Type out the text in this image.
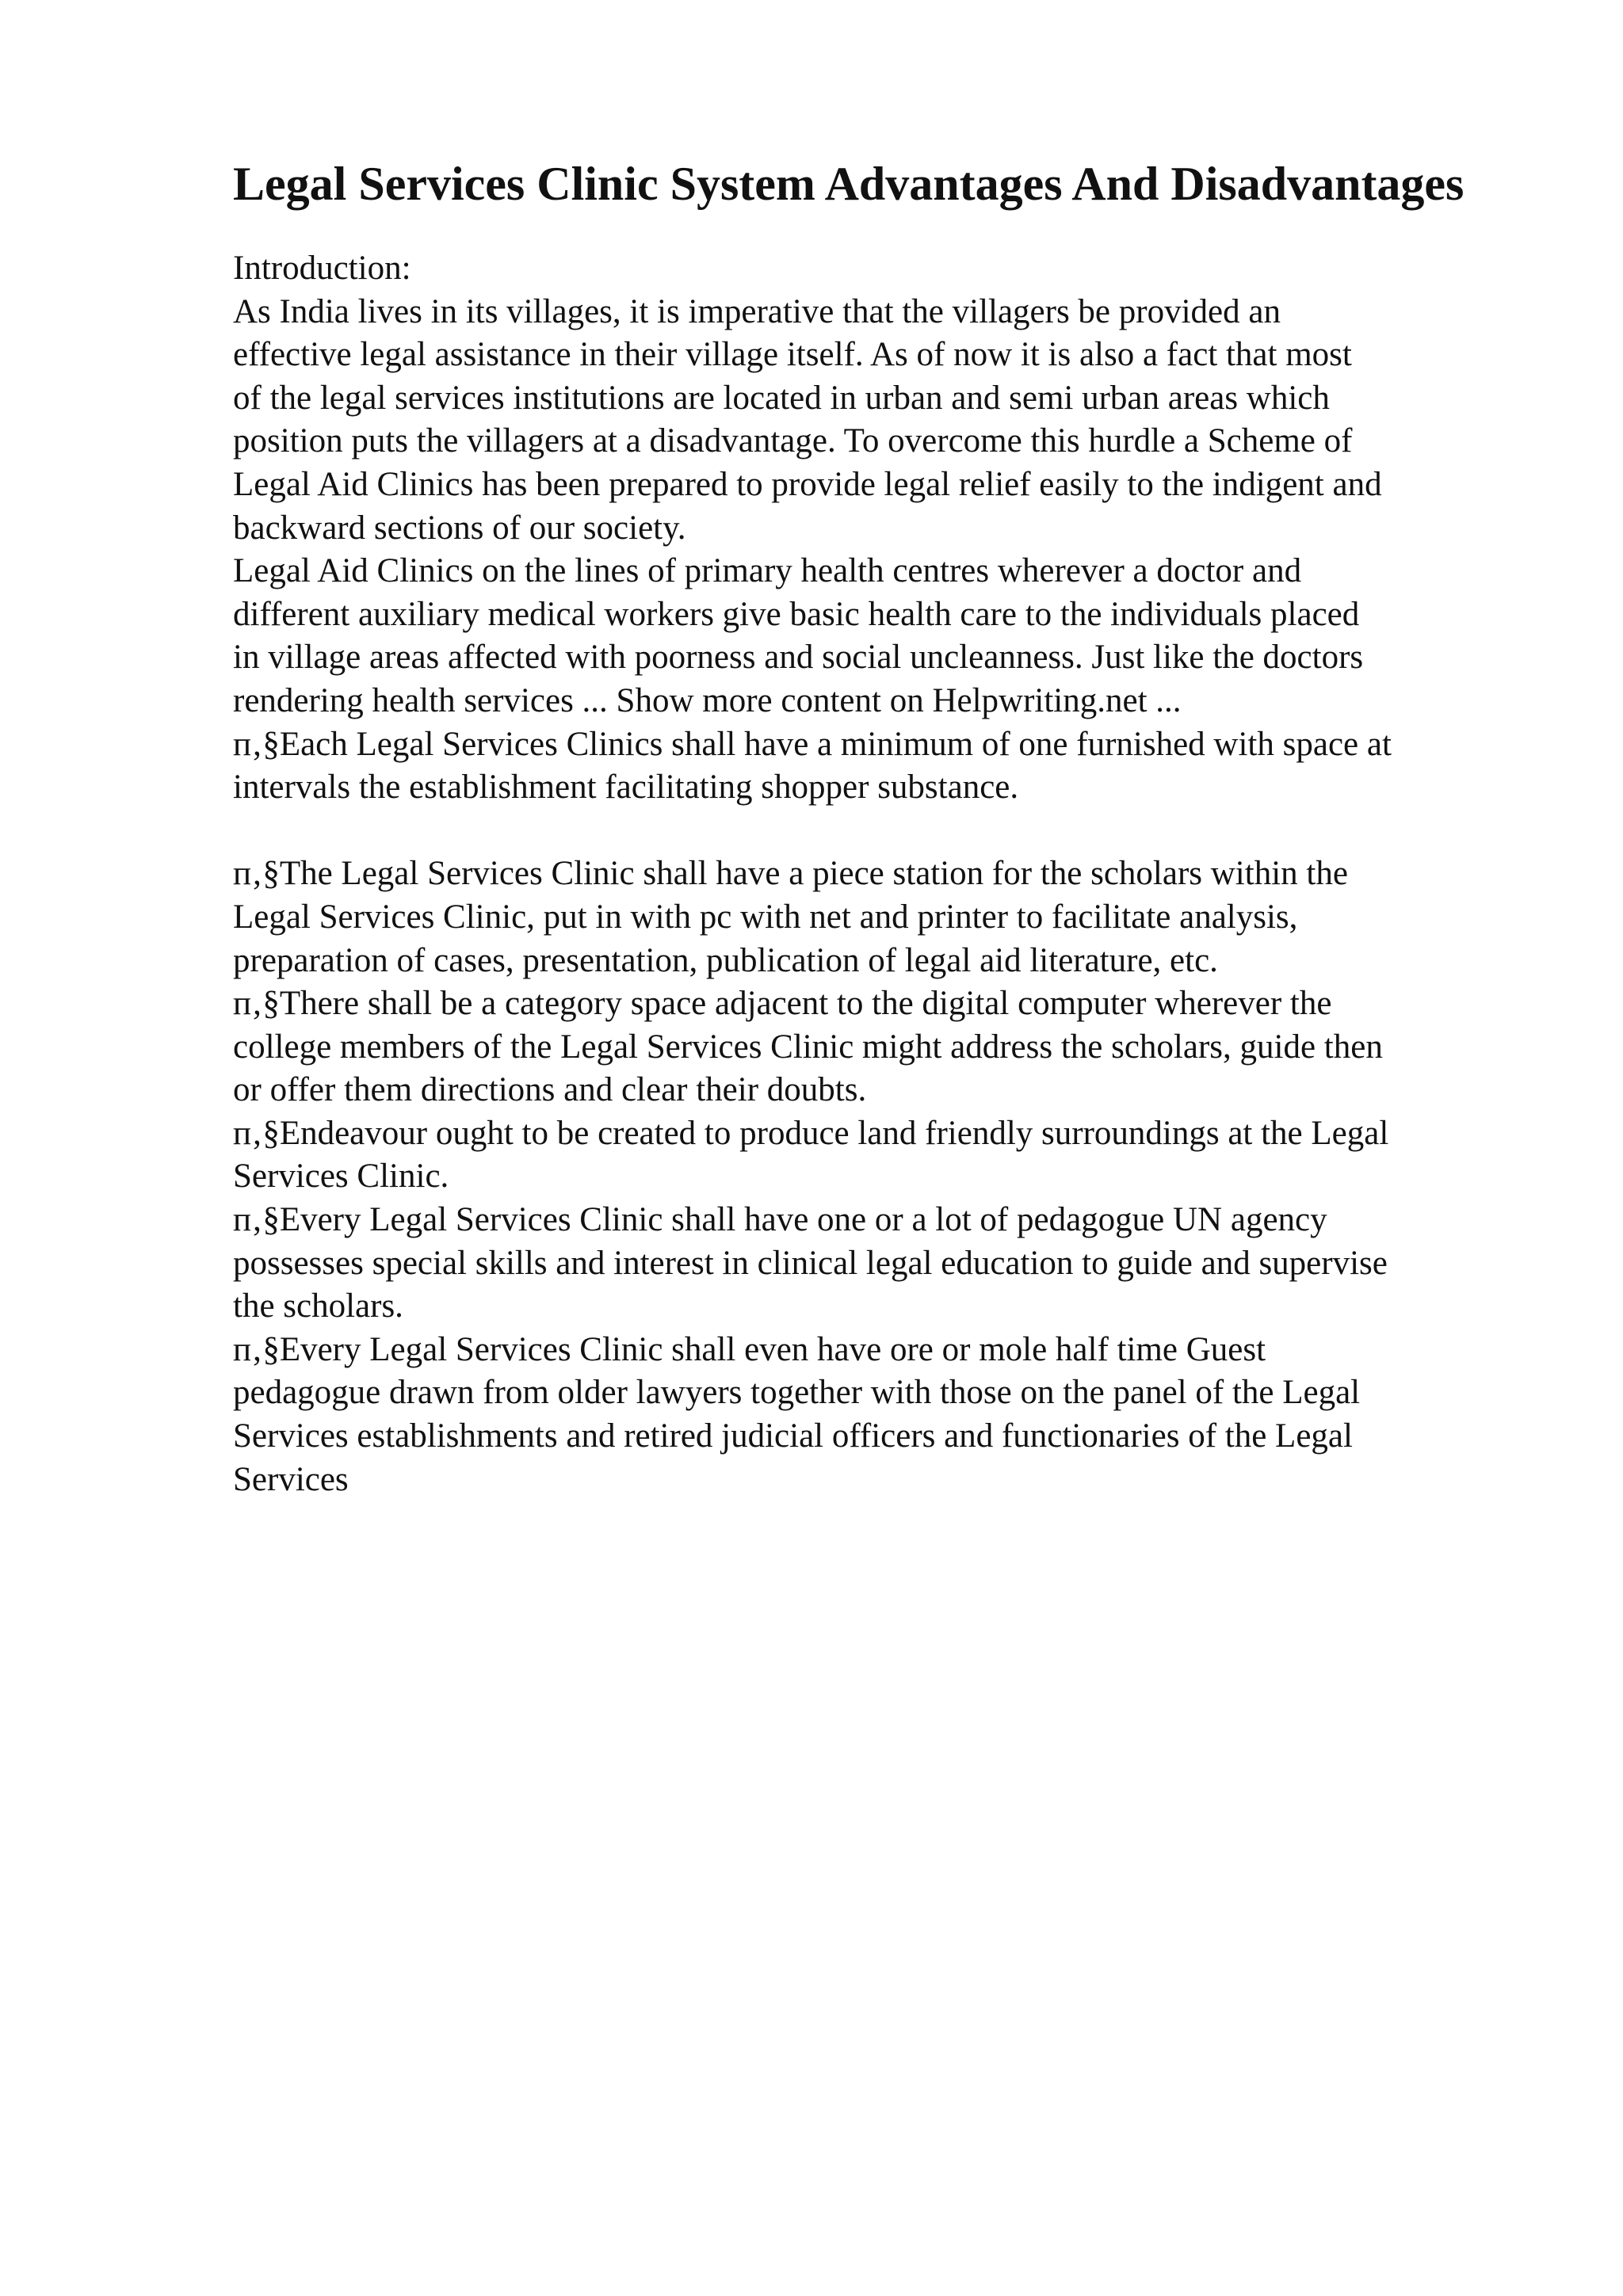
Legal Services Clinic System Advantages And Disadvantages
Introduction:
As India lives in its villages, it is imperative that the villagers be provided an
effective legal assistance in their village itself. As of now it is also a fact that most
of the legal services institutions are located in urban and semi urban areas which
position puts the villagers at a disadvantage. To overcome this hurdle a Scheme of
Legal Aid Clinics has been prepared to provide legal relief easily to the indigent and
backward sections of our society.
Legal Aid Clinics on the lines of primary health centres wherever a doctor and
different auxiliary medical workers give basic health care to the individuals placed
in village areas affected with poorness and social uncleanness. Just like the doctors
rendering health services ... Show more content on Helpwriting.net ...
п‚§Each Legal Services Clinics shall have a minimum of one furnished with space at
intervals the establishment facilitating shopper substance.
п‚§The Legal Services Clinic shall have a piece station for the scholars within the
Legal Services Clinic, put in with pc with net and printer to facilitate analysis,
preparation of cases, presentation, publication of legal aid literature, etc.
п‚§There shall be a category space adjacent to the digital computer wherever the
college members of the Legal Services Clinic might address the scholars, guide then
or offer them directions and clear their doubts.
п‚§Endeavour ought to be created to produce land friendly surroundings at the Legal
Services Clinic.
п‚§Every Legal Services Clinic shall have one or a lot of pedagogue UN agency
possesses special skills and interest in clinical legal education to guide and supervise
the scholars.
п‚§Every Legal Services Clinic shall even have ore or mole half time Guest
pedagogue drawn from older lawyers together with those on the panel of the Legal
Services establishments and retired judicial officers and functionaries of the Legal
Services
